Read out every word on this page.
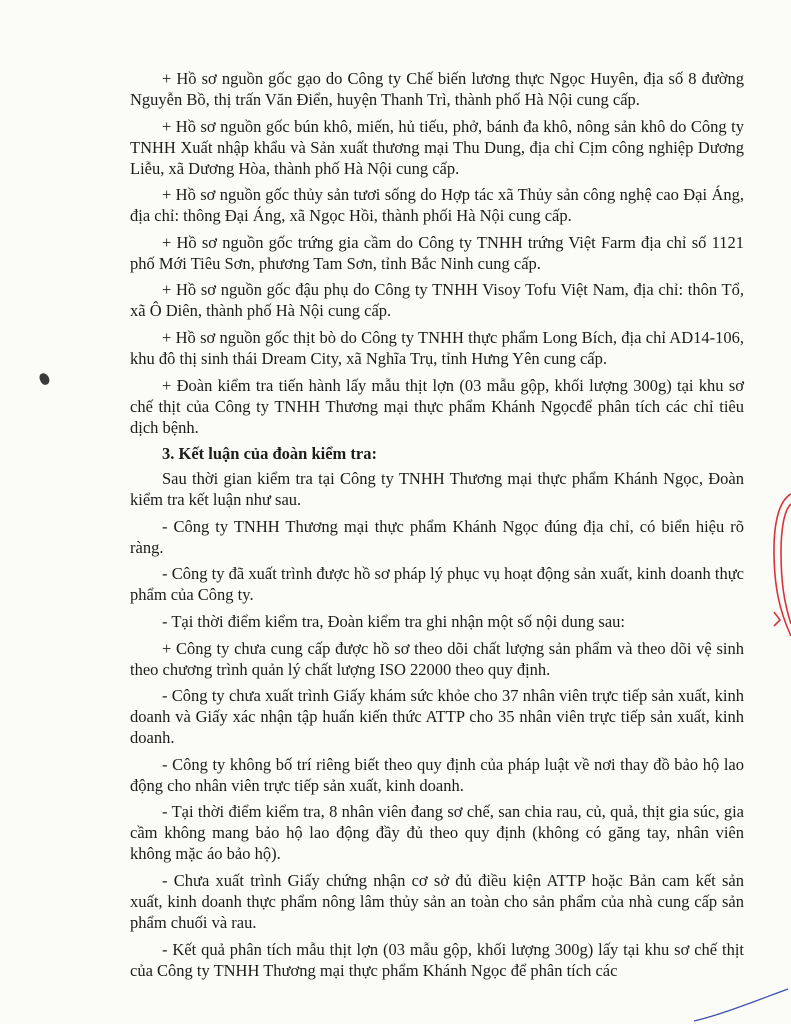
+ Hồ sơ nguồn gốc gạo do Công ty Chế biến lương thực Ngọc Huyên, địa số 8 đường Nguyễn Bồ, thị trấn Văn Điển, huyện Thanh Trì, thành phố Hà Nội cung cấp.

+ Hồ sơ nguồn gốc bún khô, miến, hủ tiếu, phở, bánh đa khô, nông sản khô do Công ty TNHH Xuất nhập khẩu và Sản xuất thương mại Thu Dung, địa chỉ Cịm công nghiệp Dương Liễu, xã Dương Hòa, thành phố Hà Nội cung cấp.

+ Hồ sơ nguồn gốc thủy sản tươi sống do Hợp tác xã Thủy sản công nghệ cao Đại Áng, địa chỉ: thông Đại Áng, xã Ngọc Hồi, thành phối Hà Nội cung cấp.

+ Hồ sơ nguồn gốc trứng gia cầm do Công ty TNHH trứng Việt Farm địa chỉ số 1121 phố Mới Tiêu Sơn, phương Tam Sơn, tỉnh Bắc Ninh cung cấp.

+ Hồ sơ nguồn gốc đậu phụ do Công ty TNHH Visoy Tofu Việt Nam, địa chỉ: thôn Tổ, xã Ô Diên, thành phố Hà Nội cung cấp.

+ Hồ sơ nguồn gốc thịt bò do Công ty TNHH thực phẩm Long Bích, địa chỉ AD14-106, khu đô thị sinh thái Dream City, xã Nghĩa Trụ, tỉnh Hưng Yên cung cấp.

+ Đoàn kiểm tra tiến hành lấy mẫu thịt lợn (03 mẫu gộp, khối lượng 300g) tại khu sơ chế thịt của Công ty TNHH Thương mại thực phẩm Khánh Ngọcđể phân tích các chỉ tiêu dịch bệnh.

3. Kết luận của đoàn kiểm tra:

Sau thời gian kiểm tra tại Công ty TNHH Thương mại thực phẩm Khánh Ngọc, Đoàn kiểm tra kết luận như sau.

- Công ty TNHH Thương mại thực phẩm Khánh Ngọc đúng địa chỉ, có biển hiệu rõ ràng.

- Công ty đã xuất trình được hồ sơ pháp lý phục vụ hoạt động sản xuất, kinh doanh thực phẩm của Công ty.

- Tại thời điểm kiểm tra, Đoàn kiểm tra ghi nhận một số nội dung sau:

+ Công ty chưa cung cấp được hồ sơ theo dõi chất lượng sản phẩm và theo dõi vệ sinh theo chương trình quản lý chất lượng ISO 22000 theo quy định.

- Công ty chưa xuất trình Giấy khám sức khỏe cho 37 nhân viên trực tiếp sản xuất, kinh doanh và Giấy xác nhận tập huấn kiến thức ATTP cho 35 nhân viên trực tiếp sản xuất, kinh doanh.

- Công ty không bố trí riêng biết theo quy định của pháp luật về nơi thay đồ bảo hộ lao động cho nhân viên trực tiếp sản xuất, kinh doanh.

- Tại thời điểm kiểm tra, 8 nhân viên đang sơ chế, san chia rau, củ, quả, thịt gia súc, gia cầm không mang bảo hộ lao động đầy đủ theo quy định (không có găng tay, nhân viên không mặc áo bảo hộ).

- Chưa xuất trình Giấy chứng nhận cơ sở đủ điều kiện ATTP hoặc Bản cam kết sản xuất, kinh doanh thực phẩm nông lâm thủy sản an toàn cho sản phẩm của nhà cung cấp sản phẩm chuối và rau.

- Kết quả phân tích mẫu thịt lợn (03 mẫu gộp, khối lượng 300g) lấy tại khu sơ chế thịt của Công ty TNHH Thương mại thực phẩm Khánh Ngọc để phân tích các
